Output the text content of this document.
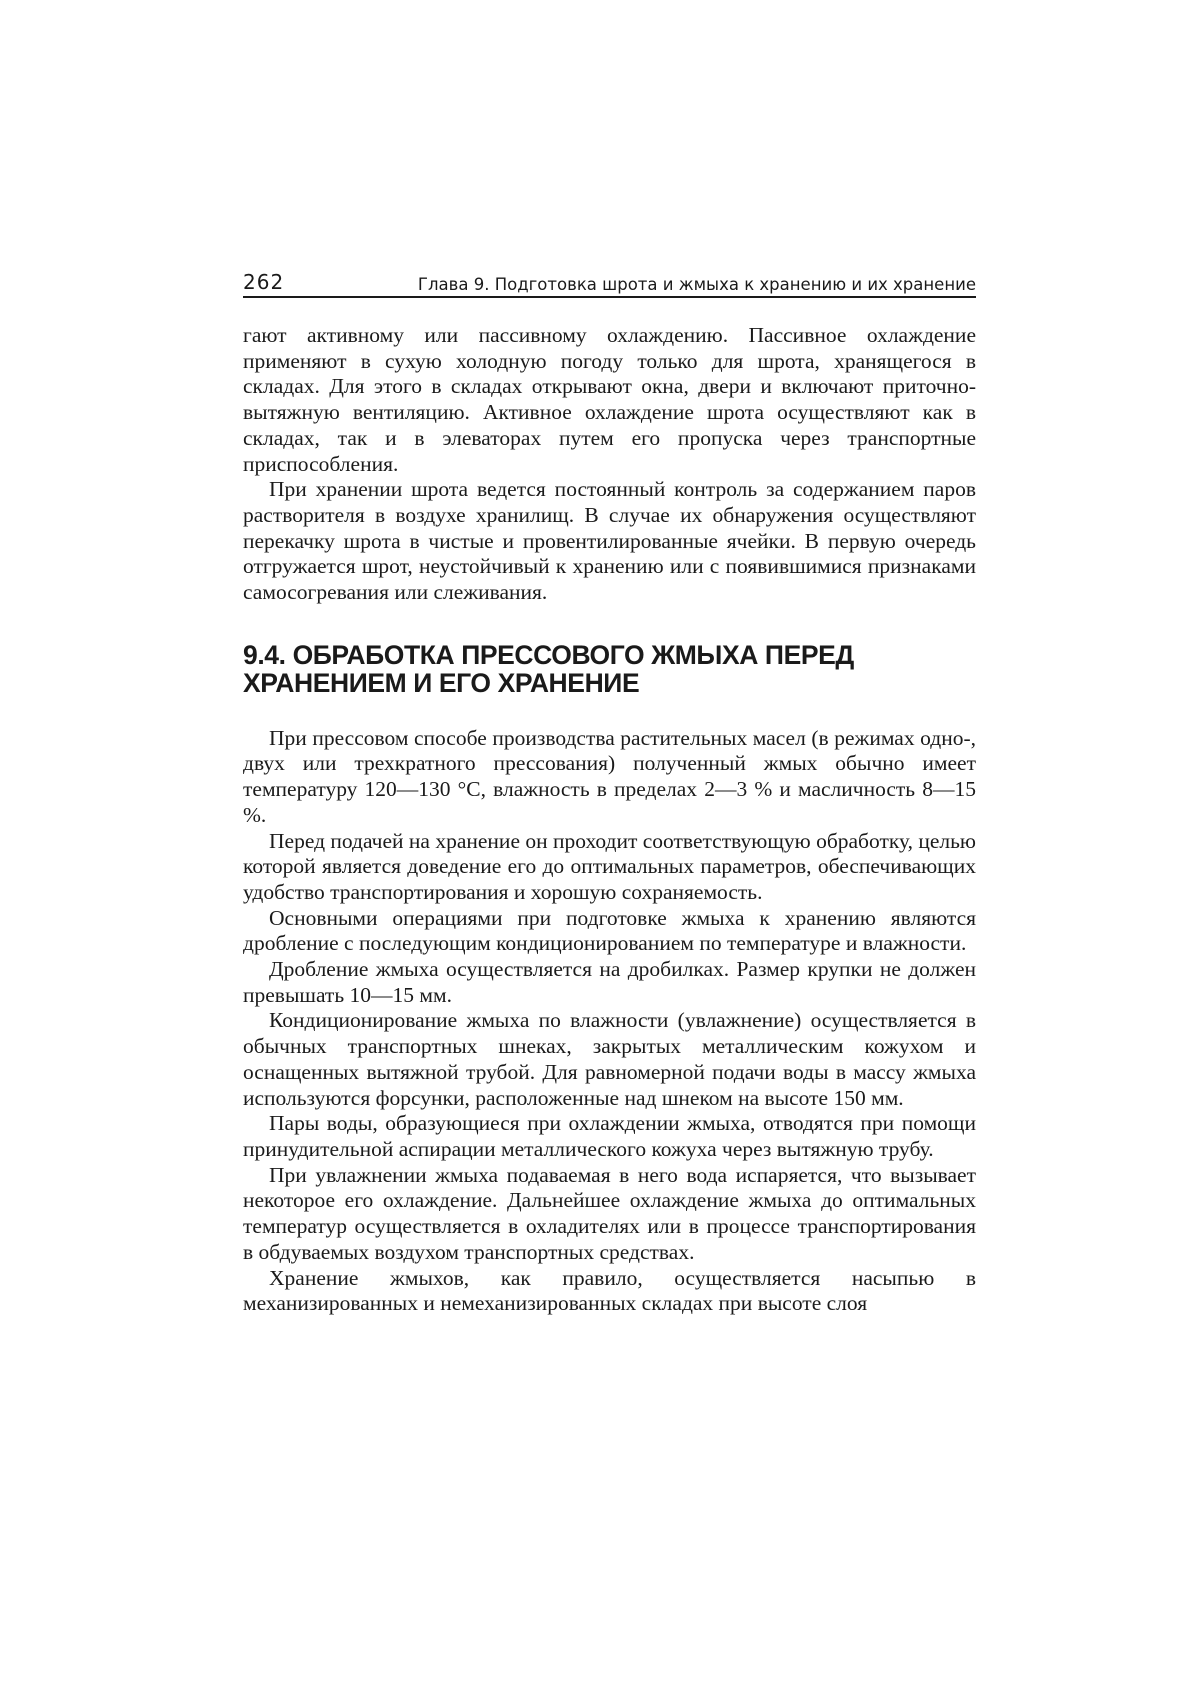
262	Глава 9. Подготовка шрота и жмыха к хранению и их хранение

гают активному или пассивному охлаждению. Пассивное охлаждение применяют в сухую холодную погоду только для шрота, хранящегося в складах. Для этого в складах открывают окна, двери и включают приточно-вытяжную вентиляцию. Активное охлаждение шрота осуществляют как в складах, так и в элеваторах путем его пропуска через транспортные приспособления.

При хранении шрота ведется постоянный контроль за содержанием паров растворителя в воздухе хранилищ. В случае их обнаружения осуществляют перекачку шрота в чистые и провентилированные ячейки. В первую очередь отгружается шрот, неустойчивый к хранению или с появившимися признаками самосогревания или слеживания.

9.4. ОБРАБОТКА ПРЕССОВОГО ЖМЫХА ПЕРЕД
ХРАНЕНИЕМ И ЕГО ХРАНЕНИЕ

При прессовом способе производства растительных масел (в режимах одно-, двух или трехкратного прессования) полученный жмых обычно имеет температуру 120—130 °С, влажность в пределах 2—3 % и масличность 8—15 %.

Перед подачей на хранение он проходит соответствующую обработку, целью которой является доведение его до оптимальных параметров, обеспечивающих удобство транспортирования и хорошую сохраняемость.

Основными операциями при подготовке жмыха к хранению являются дробление с последующим кондиционированием по температуре и влажности.

Дробление жмыха осуществляется на дробилках. Размер крупки не должен превышать 10—15 мм.

Кондиционирование жмыха по влажности (увлажнение) осуществляется в обычных транспортных шнеках, закрытых металлическим кожухом и оснащенных вытяжной трубой. Для равномерной подачи воды в массу жмыха используются форсунки, расположенные над шнеком на высоте 150 мм.

Пары воды, образующиеся при охлаждении жмыха, отводятся при помощи принудительной аспирации металлического кожуха через вытяжную трубу.

При увлажнении жмыха подаваемая в него вода испаряется, что вызывает некоторое его охлаждение. Дальнейшее охлаждение жмыха до оптимальных температур осуществляется в охладителях или в процессе транспортирования в обдуваемых воздухом транспортных средствах.

Хранение жмыхов, как правило, осуществляется насыпью в механизированных и немеханизированных складах при высоте слоя
